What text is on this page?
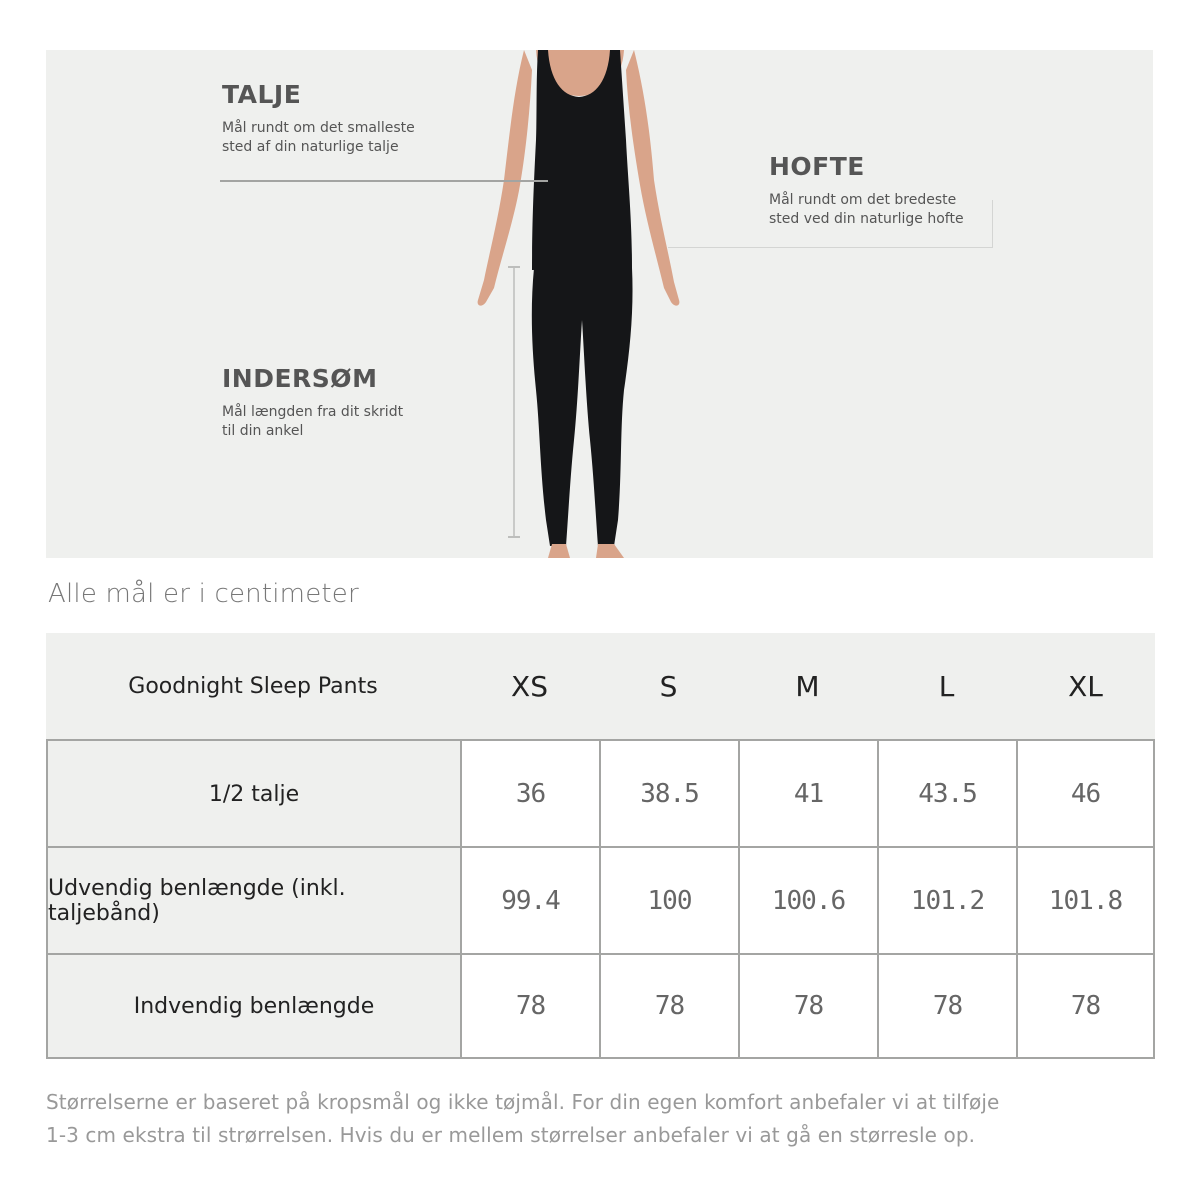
TALJE
Mål rundt om det smalleste
sted af din naturlige talje
HOFTE
Mål rundt om det bredeste
sted ved din naturlige hofte
INDERSØM
Mål længden fra dit skridt
til din ankel
Alle mål er i centimeter
Goodnight Sleep Pants	XS	S	M	L	XL
1/2 talje	36	38.5	41	43.5	46
Udvendig benlængde (inkl. taljebånd)	99.4	100	100.6	101.2 101.8
Indvendig benlængde	78	78	78	78	78
Størrelserne er baseret på kropsmål og ikke tøjmål. For din egen komfort anbefaler vi at tilføje
1-3 cm ekstra til strørrelsen. Hvis du er mellem størrelser anbefaler vi at gå en størresle op.
